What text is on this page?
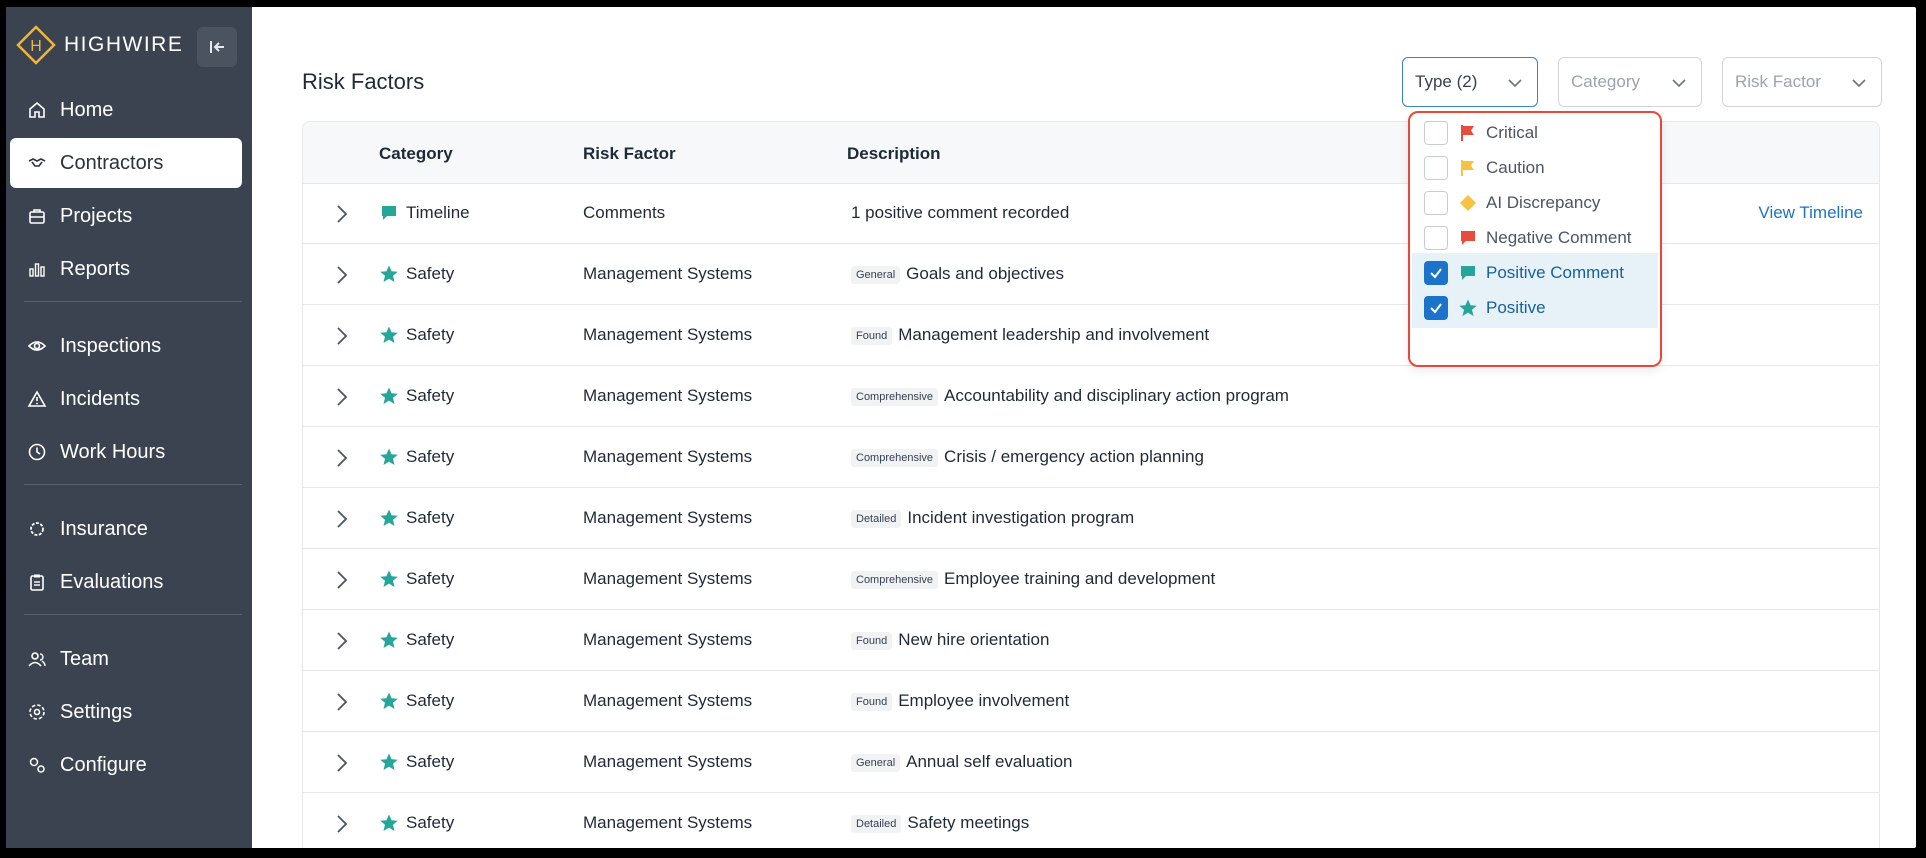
H HIGHWIRE
Home
Contractors
Projects
Reports
Inspections
Incidents
Work Hours
Insurance
Evaluations
Team
Settings
Configure
Risk Factors	Type (2)	Category	Risk Factor
Category	Risk Factor	Description
Timeline	Comments	1 positive comment recorded	View Timeline
Safety	Management Systems	General Goals and objectives
Safety	Management Systems	Found Management leadership and involvement
Safety	Management Systems	Comprehensive Accountability and disciplinary action program
Safety	Management Systems	Comprehensive Crisis / emergency action planning
Safety	Management Systems	Detailed Incident investigation program
Safety	Management Systems	Comprehensive Employee training and development
Safety	Management Systems	Found New hire orientation
Safety	Management Systems	Found Employee involvement
Safety	Management Systems	General Annual self evaluation
Safety	Management Systems	Detailed Safety meetings
Critical
Caution
AI Discrepancy
Negative Comment
Positive Comment
Positive
